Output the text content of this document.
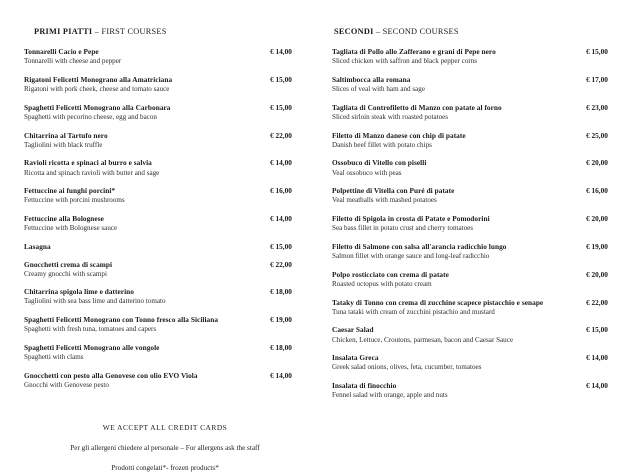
PRIMI PIATTI – FIRST COURSES
Tonnarelli Cacio e Pepe	€ 14,00
Tonnarelli with cheese and pepper
Rigatoni Felicetti Monograno alla Amatriciana	€ 15,00
Rigatoni with pork cheek, cheese and tomato sauce
Spaghetti Felicetti Monograno alla Carbonara	€ 15,00
Spaghetti with pecorino cheese, egg and bacon
Chitarrina al Tartufo nero	€ 22,00
Tagliolini with black truffle
Ravioli ricotta e spinaci al burro e salvia	€ 14,00
Ricotta and spinach ravioli with butter and sage
Fettuccine ai funghi porcini*	€ 16,00
Fettuccine with porcini mushrooms
Fettuccine alla Bolognese	€ 14,00
Fettuccine with Bolognese sauce
Lasagna	€ 15,00
Gnocchetti crema di scampi	€ 22,00
Creamy gnocchi with scampi
Chitarrina spigola lime e datterino	€ 18,00
Tagliolini with sea bass lime and datterino tomato
Spaghetti Felicetti Monograno con Tonno fresco alla Siciliana	€ 19,00
Spaghetti with fresh tuna, tomatoes and capers
Spaghetti Felicetti Monograno alle vongole	€ 18,00
Spaghetti with clams
Gnocchetti con pesto alla Genovese con olio EVO Viola	€ 14,00
Gnocchi with Genovese pesto
SECONDI – SECOND COURSES
Tagliata di Pollo allo Zafferano e grani di Pepe nero	€ 15,00
Sliced chicken with saffron and black pepper corns
Saltimbocca alla romana	€ 17,00
Slices of veal with ham and sage
Tagliata di Controfiletto di Manzo con patate al forno	€ 23,00
Sliced sirloin steak with roasted potatoes
Filetto di Manzo danese con chip di patate	€ 25,00
Danish beef fillet with potato chips
Ossobuco di Vitello con piselli	€ 20,00
Veal ossobuco with peas
Polpettine di Vitella con Puré di patate	€ 16,00
Veal meatballs with mashed potatoes
Filetto di Spigola in crosta di Patate e Pomodorini	€ 20,00
Sea bass fillet in potato crust and cherry tomatoes
Filetto di Salmone con salsa all'arancia radicchio lungo	€ 19,00
Salmon fillet with orange sauce and long-leaf radicchio
Polpo rosticciato con crema di patate	€ 20,00
Roasted octopus with potato cream
Tataky di Tonno con crema di zucchine scapece pistacchio e senape	€ 22,00
Tuna tataki with cream of zucchini pistachio and mustard
Caesar Salad	€ 15,00
Chicken, Lettuce, Croutons, parmesan, bacon and Caesar Sauce
Insalata Greca	€ 14,00
Greek salad onions, olives, feta, cucumber, tomatoes
Insalata di finocchio	€ 14,00
Fennel salad with orange, apple and nuts
WE ACCEPT ALL CREDIT CARDS
Per gli allergeni chiedere al personale – For allergens ask the staff
Prodotti congelati*- frozen products*
